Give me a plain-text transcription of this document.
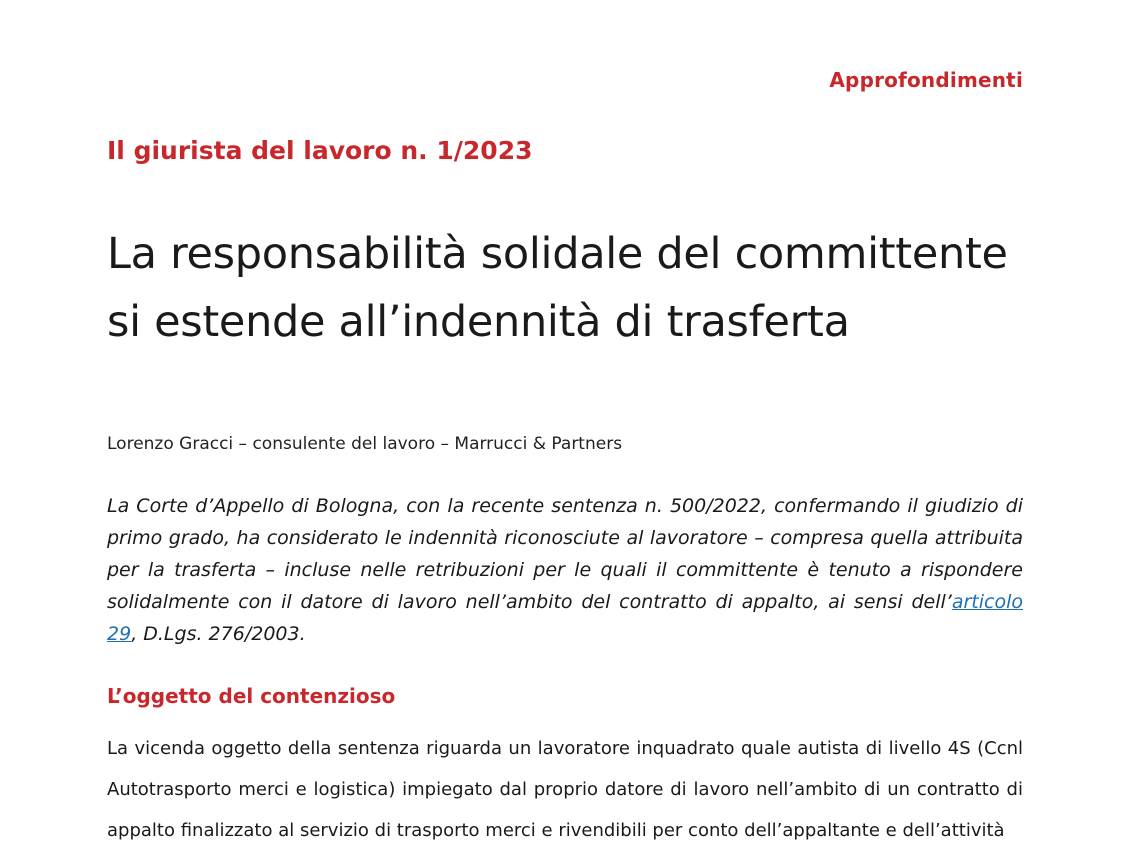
Approfondimenti
Il giurista del lavoro n. 1/2023
La responsabilità solidale del committente si estende all’indennità di trasferta
Lorenzo Gracci – consulente del lavoro – Marrucci & Partners

La Corte d’Appello di Bologna, con la recente sentenza n. 500/2022, confermando il giudizio di primo grado, ha considerato le indennità riconosciute al lavoratore – compresa quella attribuita per la trasferta – incluse nelle retribuzioni per le quali il committente è tenuto a rispondere solidalmente con il datore di lavoro nell’ambito del contratto di appalto, ai sensi dell’articolo 29, D.Lgs. 276/2003.

L’oggetto del contenzioso

La vicenda oggetto della sentenza riguarda un lavoratore inquadrato quale autista di livello 4S (Ccnl Autotrasporto merci e logistica) impiegato dal proprio datore di lavoro nell’ambito di un contratto di appalto finalizzato al servizio di trasporto merci e rivendibili per conto dell’appaltante e dell’attività
